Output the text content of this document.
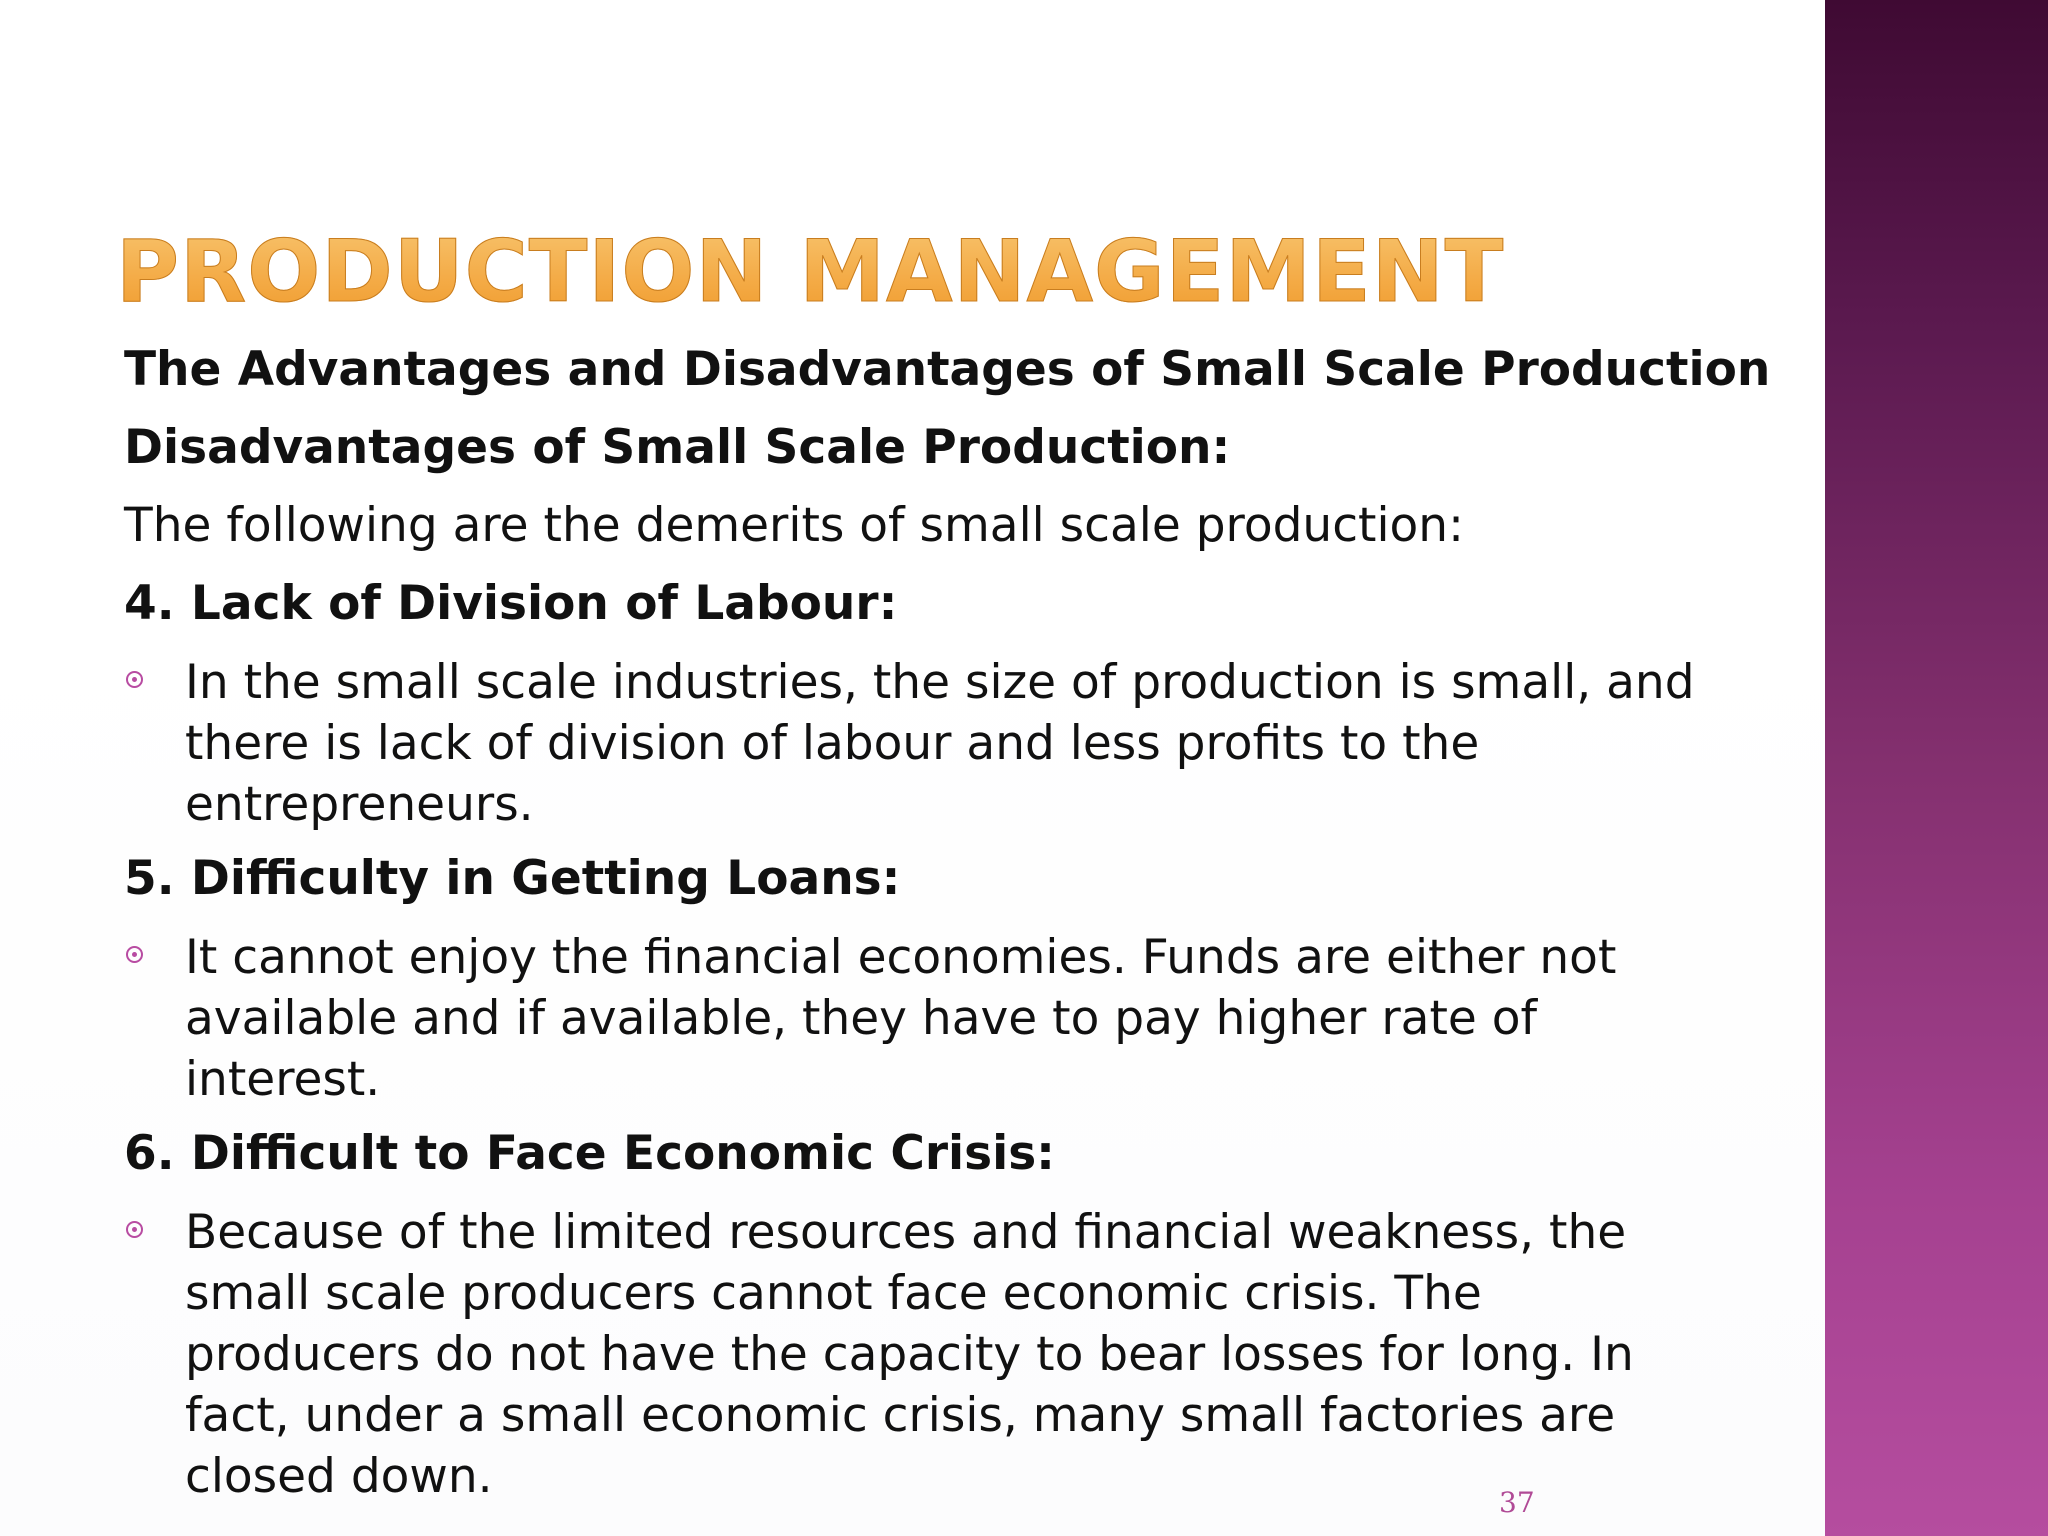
PRODUCTION MANAGEMENT

The Advantages and Disadvantages of Small Scale Production

Disadvantages of Small Scale Production:

The following are the demerits of small scale production:

4. Lack of Division of Labour:

In the small scale industries, the size of production is small, and there is lack of division of labour and less profits to the entrepreneurs.

5. Difficulty in Getting Loans:

It cannot enjoy the financial economies. Funds are either not available and if available, they have to pay higher rate of interest.

6. Difficult to Face Economic Crisis:

Because of the limited resources and financial weakness, the small scale producers cannot face economic crisis. The producers do not have the capacity to bear losses for long. In fact, under a small economic crisis, many small factories are closed down.	37
